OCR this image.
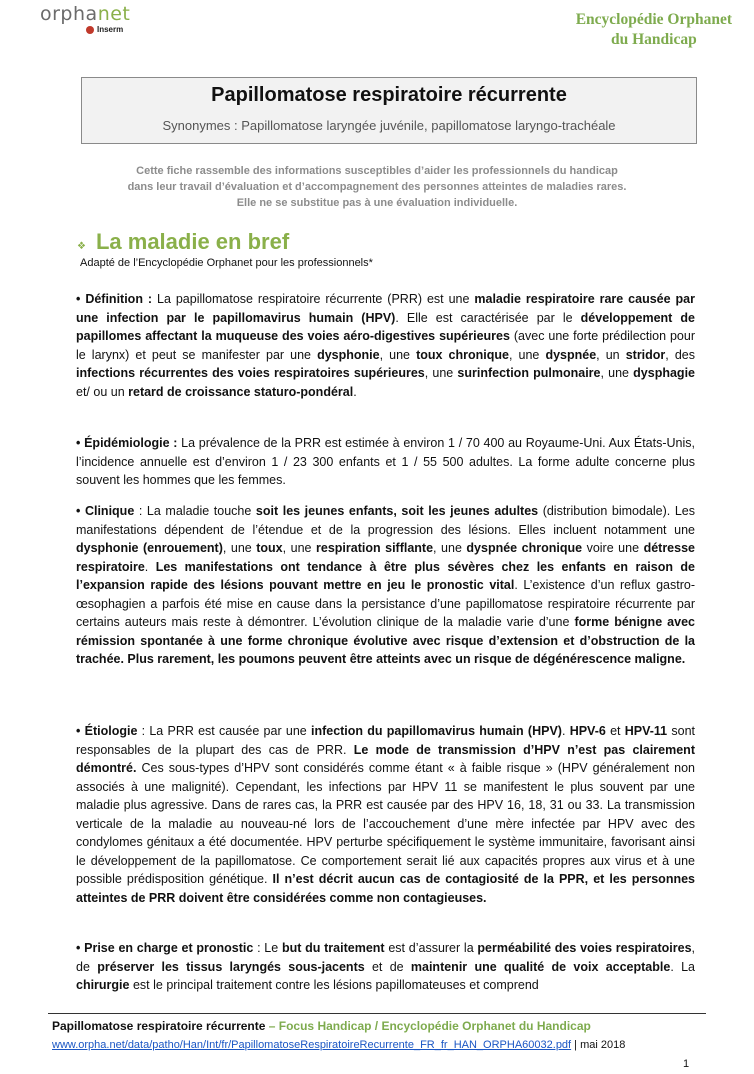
orphanet
Inserm
Encyclopédie Orphanet
du Handicap
Papillomatose respiratoire récurrente
Synonymes : Papillomatose laryngée juvénile, papillomatose laryngo-trachéale
Cette fiche rassemble des informations susceptibles d’aider les professionnels du handicap
dans leur travail d’évaluation et d’accompagnement des personnes atteintes de maladies rares.
Elle ne se substitue pas à une évaluation individuelle.
❖ La maladie en bref
Adapté de l’Encyclopédie Orphanet pour les professionnels*
• Définition : La papillomatose respiratoire récurrente (PRR) est une maladie respiratoire rare causée par une infection par le papillomavirus humain (HPV). Elle est caractérisée par le développement de papillomes affectant la muqueuse des voies aéro-digestives supérieures (avec une forte prédilection pour le larynx) et peut se manifester par une dysphonie, une toux chronique, une dyspnée, un stridor, des infections récurrentes des voies respiratoires supérieures, une surinfection pulmonaire, une dysphagie et/ ou un retard de croissance staturo-pondéral.
• Épidémiologie : La prévalence de la PRR est estimée à environ 1 / 70 400 au Royaume-Uni. Aux États-Unis, l’incidence annuelle est d’environ 1 / 23 300 enfants et 1 / 55 500 adultes. La forme adulte concerne plus souvent les hommes que les femmes.
• Clinique : La maladie touche soit les jeunes enfants, soit les jeunes adultes (distribution bimodale). Les manifestations dépendent de l’étendue et de la progression des lésions. Elles incluent notamment une dysphonie (enrouement), une toux, une respiration sifflante, une dyspnée chronique voire une détresse respiratoire. Les manifestations ont tendance à être plus sévères chez les enfants en raison de l’expansion rapide des lésions pouvant mettre en jeu le pronostic vital. L’existence d’un reflux gastro-œsophagien a parfois été mise en cause dans la persistance d’une papillomatose respiratoire récurrente par certains auteurs mais reste à démontrer. L’évolution clinique de la maladie varie d’une forme bénigne avec rémission spontanée à une forme chronique évolutive avec risque d’extension et d’obstruction de la trachée. Plus rarement, les poumons peuvent être atteints avec un risque de dégénérescence maligne.
• Étiologie : La PRR est causée par une infection du papillomavirus humain (HPV). HPV-6 et HPV-11 sont responsables de la plupart des cas de PRR. Le mode de transmission d’HPV n’est pas clairement démontré. Ces sous-types d’HPV sont considérés comme étant « à faible risque » (HPV généralement non associés à une malignité). Cependant, les infections par HPV 11 se manifestent le plus souvent par une maladie plus agressive. Dans de rares cas, la PRR est causée par des HPV 16, 18, 31 ou 33. La transmission verticale de la maladie au nouveau-né lors de l’accouchement d’une mère infectée par HPV avec des condylomes génitaux a été documentée. HPV perturbe spécifiquement le système immunitaire, favorisant ainsi le développement de la papillomatose. Ce comportement serait lié aux capacités propres aux virus et à une possible prédisposition génétique. Il n’est décrit aucun cas de contagiosité de la PPR, et les personnes atteintes de PRR doivent être considérées comme non contagieuses.
• Prise en charge et pronostic : Le but du traitement est d’assurer la perméabilité des voies respiratoires, de préserver les tissus laryngés sous-jacents et de maintenir une qualité de voix acceptable. La chirurgie est le principal traitement contre les lésions papillomateuses et comprend
Papillomatose respiratoire récurrente – Focus Handicap / Encyclopédie Orphanet du Handicap
www.orpha.net/data/patho/Han/Int/fr/PapillomatoseRespiratoireRecurrente_FR_fr_HAN_ORPHA60032.pdf | mai 2018
1
